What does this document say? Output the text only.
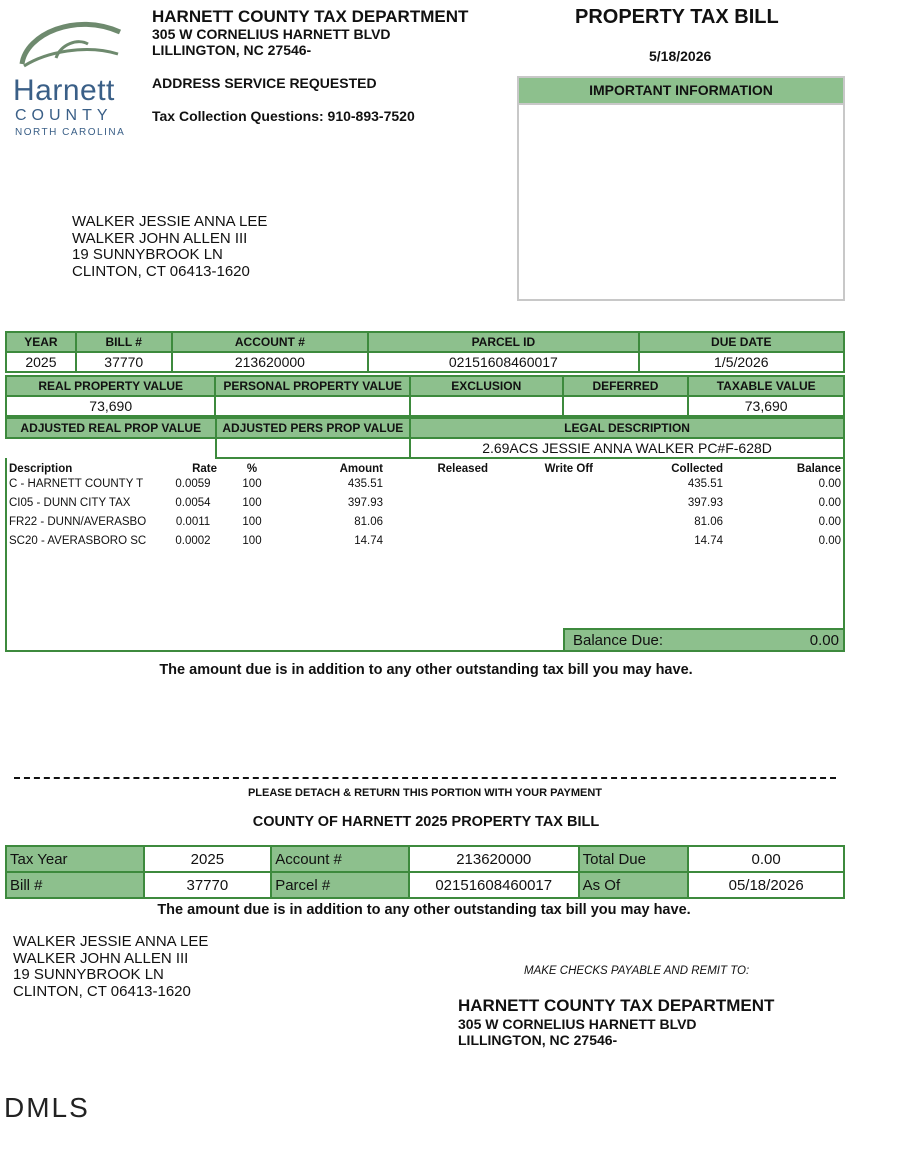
Harnett
COUNTY
NORTH CAROLINA
HARNETT COUNTY TAX DEPARTMENT
305 W CORNELIUS HARNETT BLVD
LILLINGTON, NC 27546-
ADDRESS SERVICE REQUESTED
Tax Collection Questions: 910-893-7520
PROPERTY TAX BILL
5/18/2026
IMPORTANT INFORMATION
WALKER JESSIE ANNA LEE
WALKER JOHN ALLEN III
19 SUNNYBROOK LN
CLINTON, CT 06413-1620
YEAR	BILL #	ACCOUNT #	PARCEL ID	DUE DATE
2025	37770	213620000	02151608460017	1/5/2026
REAL PROPERTY VALUE	PERSONAL PROPERTY VALUE	EXCLUSION	DEFERRED	TAXABLE VALUE
73,690				73,690
ADJUSTED REAL PROP VALUE	ADJUSTED PERS PROP VALUE	LEGAL DESCRIPTION
		2.69ACS JESSIE ANNA WALKER PC#F-628D
Description	Rate	%	Amount	Released	Write Off	Collected	Balance
C - HARNETT COUNTY T	0.0059	100	435.51			435.51	0.00
CI05 - DUNN CITY TAX	0.0054	100	397.93			397.93	0.00
FR22 - DUNN/AVERASBO	0.0011	100	81.06			81.06	0.00
SC20 - AVERASBORO SC	0.0002	100	14.74			14.74	0.00
Balance Due:	0.00
The amount due is in addition to any other outstanding tax bill you may have.
PLEASE DETACH & RETURN THIS PORTION WITH YOUR PAYMENT
COUNTY OF HARNETT 2025 PROPERTY TAX BILL
Tax Year	2025	Account #	213620000	Total Due	0.00
Bill #	37770	Parcel #	02151608460017	As Of	05/18/2026
The amount due is in addition to any other outstanding tax bill you may have.
WALKER JESSIE ANNA LEE
WALKER JOHN ALLEN III
19 SUNNYBROOK LN
CLINTON, CT 06413-1620
MAKE CHECKS PAYABLE AND REMIT TO:
HARNETT COUNTY TAX DEPARTMENT
305 W CORNELIUS HARNETT BLVD
LILLINGTON, NC 27546-
DMLS
